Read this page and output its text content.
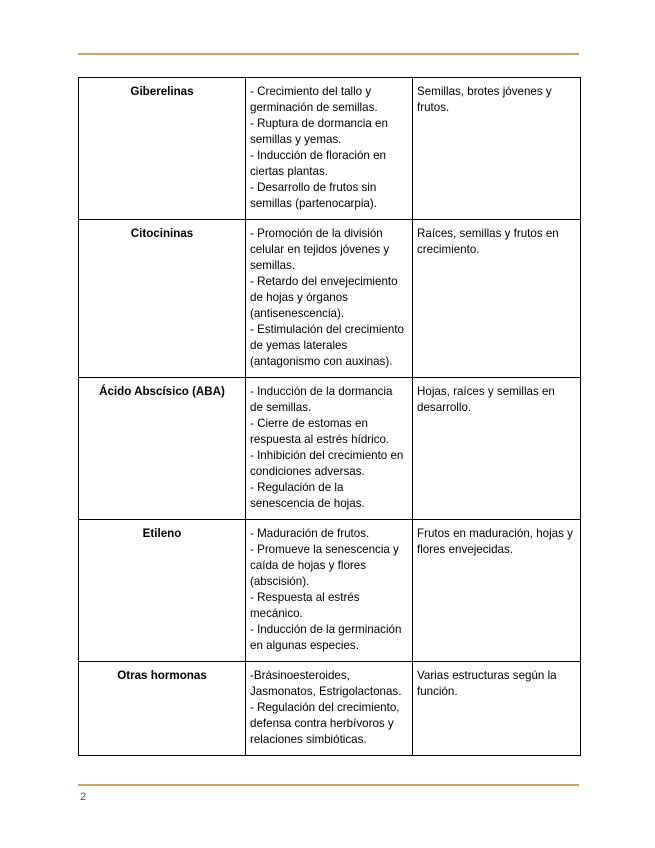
Giberelinas	- Crecimiento del tallo y germinación de semillas.
- Ruptura de dormancia en semillas y yemas.
- Inducción de floración en ciertas plantas.
- Desarrollo de frutos sin semillas (partenocarpia).	Semillas, brotes jóvenes y frutos.
Citocininas	- Promoción de la división celular en tejidos jóvenes y semillas.
- Retardo del envejecimiento de hojas y órganos (antisenescencia).
- Estimulación del crecimiento de yemas laterales (antagonismo con auxinas).	Raíces, semillas y frutos en crecimiento.
Ácido Abscísico (ABA)	- Inducción de la dormancia de semillas.
- Cierre de estomas en respuesta al estrés hídrico.
- Inhibición del crecimiento en condiciones adversas.
- Regulación de la senescencia de hojas.	Hojas, raíces y semillas en desarrollo.
Etileno	- Maduración de frutos.
- Promueve la senescencia y caída de hojas y flores (abscisión).
- Respuesta al estrés mecánico.
- Inducción de la germinación en algunas especies.	Frutos en maduración, hojas y flores envejecidas.
Otras hormonas	-Brásinoesteroides, Jasmonatos, Estrigolactonas.
- Regulación del crecimiento, defensa contra herbívoros y relaciones simbióticas.	Varias estructuras según la función.
2
